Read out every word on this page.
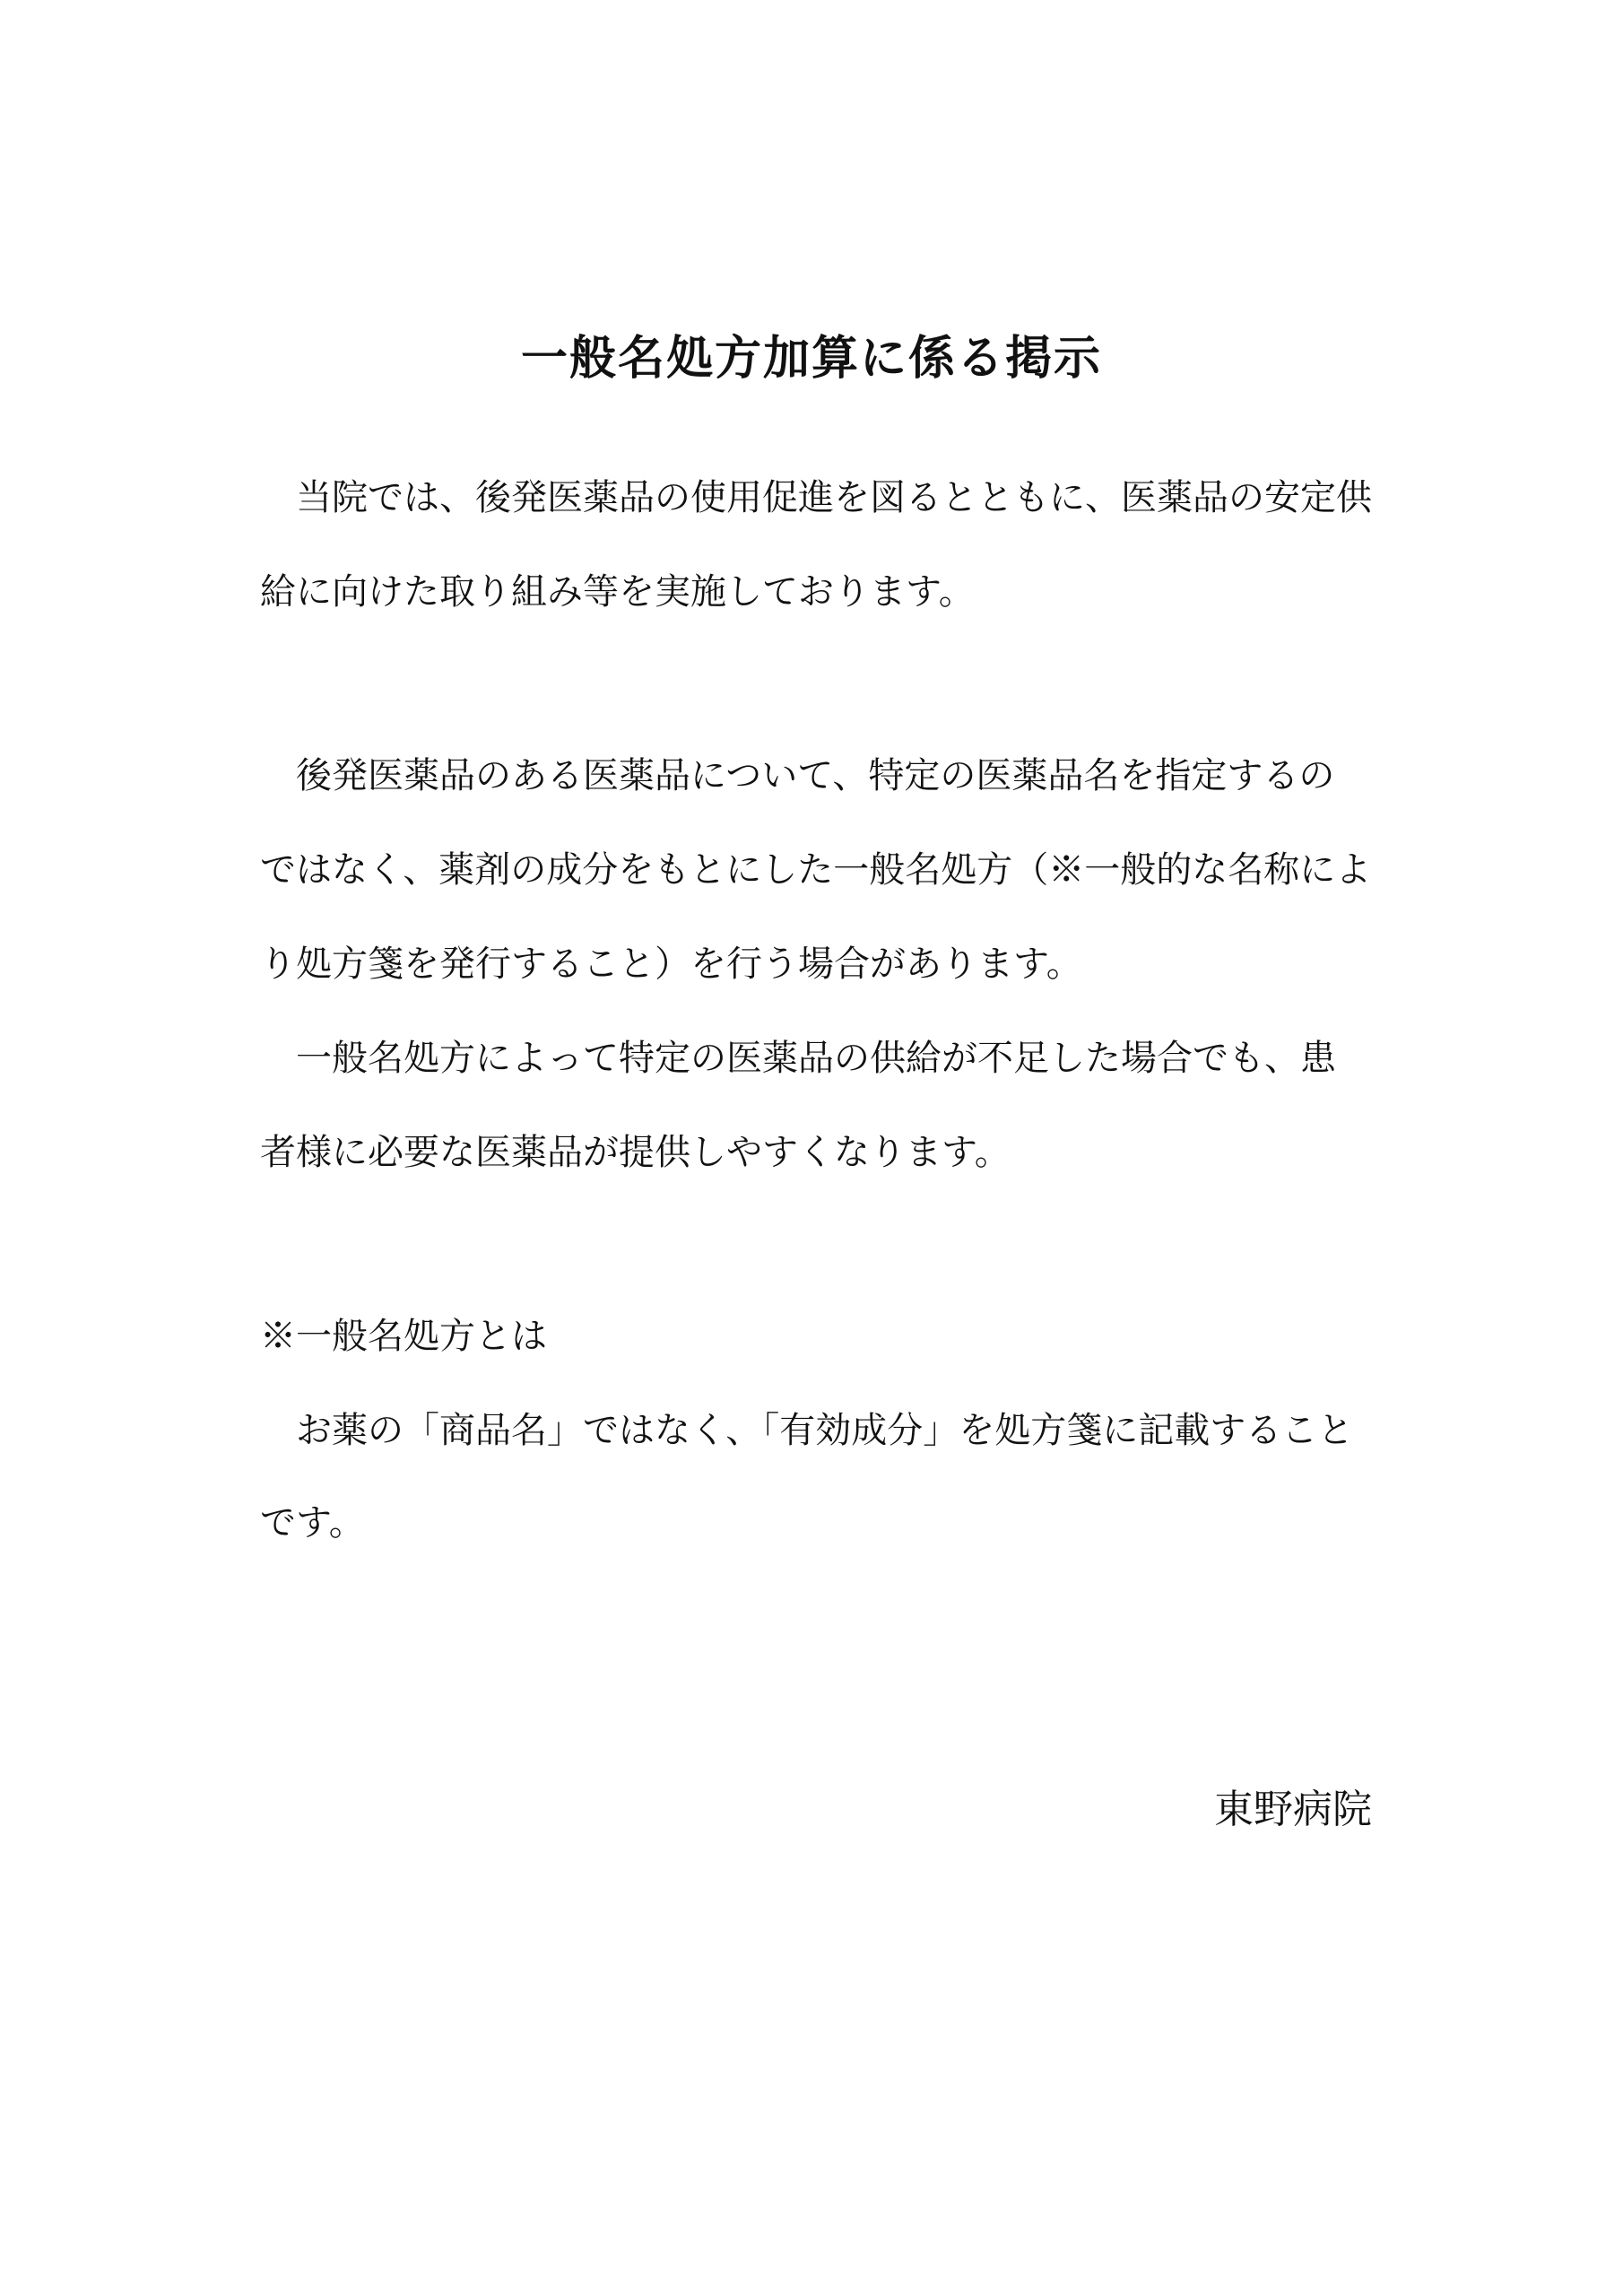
一般名処方加算に係る掲示

当院では、後発医薬品の使用促進を図るとともに、医薬品の安定供

給に向けた取り組み等を実施しております。

後発医薬品のある医薬品について、特定の医薬品名を指定するの

ではなく、薬剤の成分をもとにした一般名処方（※一般的な名称によ

り処方箋を発行すること）を行う場合があります。

一般名処方によって特定の医薬品の供給が不足した場合でも、患

者様に必要な医薬品が提供しやすくなります。

※一般名処方とは

お薬の「商品名」ではなく、「有効成分」を処方箋に記載すること

です。

東野病院
